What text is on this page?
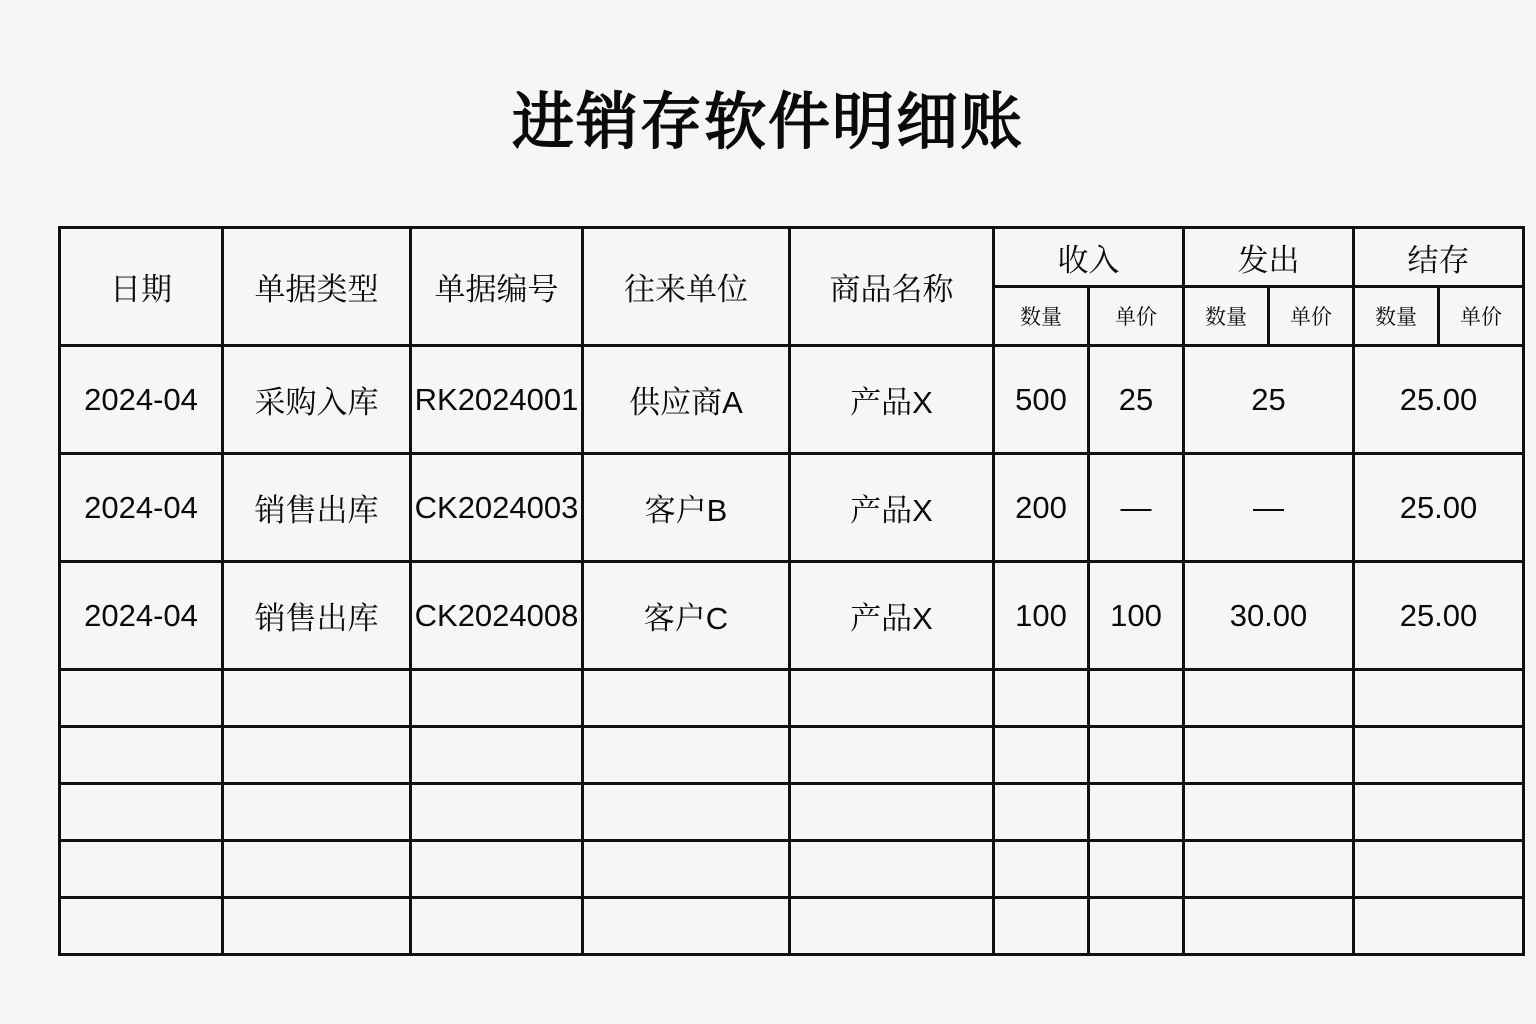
进销存软件明细账
日期	单据类型	单据编号	往来单位	商品名称	收入		发出		结存	
					数量	单价	数量	单价	数量	单价
2024-04	采购入库	RK2024001	供应商A	产品X	500	25	25		25.00	
2024-04	销售出库	CK2024003	客户B	产品X	200	—	—		25.00	
2024-04	销售出库	CK2024008	客户C	产品X	100	100	30.00		25.00	
